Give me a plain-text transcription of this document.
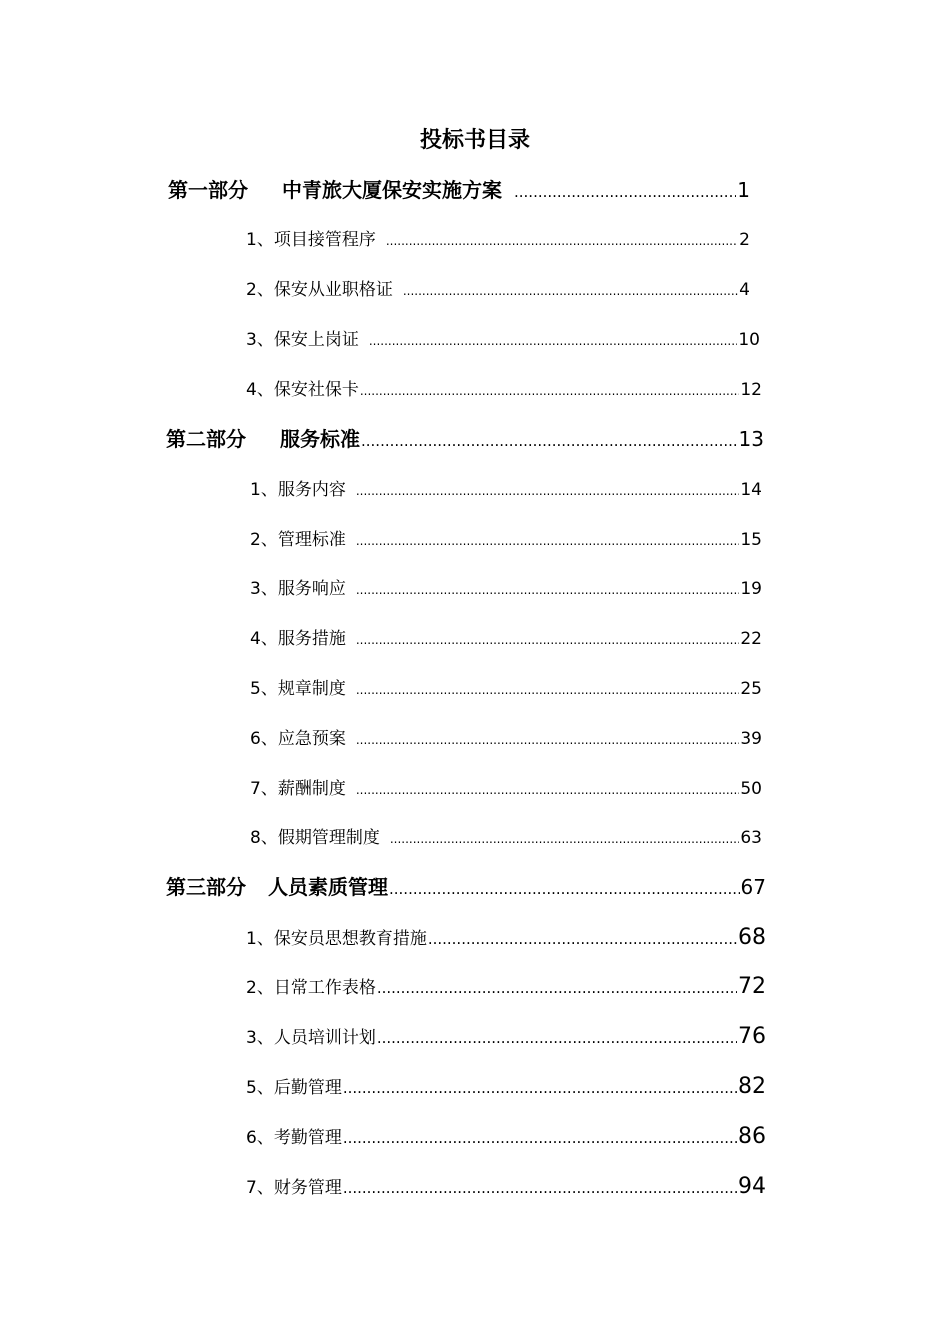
投标书目录
第一部分 中青旅大厦保安实施方案 .....	1
1、项目接管程序 .....	2
2、保安从业职格证 .....	4
3、保安上岗证 .....	10
4、保安社保卡 .....	12
第二部分 服务标准 .....	13
1、服务内容 .....	14
2、管理标准 .....	15
3、服务响应 .....	19
4、服务措施 .....	22
5、规章制度 .....	25
6、应急预案 .....	39
7、薪酬制度 .....	50
8、假期管理制度 .....	63
第三部分 人员素质管理 .....	67
1、保安员思想教育措施 .....	68
2、日常工作表格 .....	72
3、人员培训计划 .....	76
5、后勤管理 .....	82
6、考勤管理 .....	86
7、财务管理 .....	94
